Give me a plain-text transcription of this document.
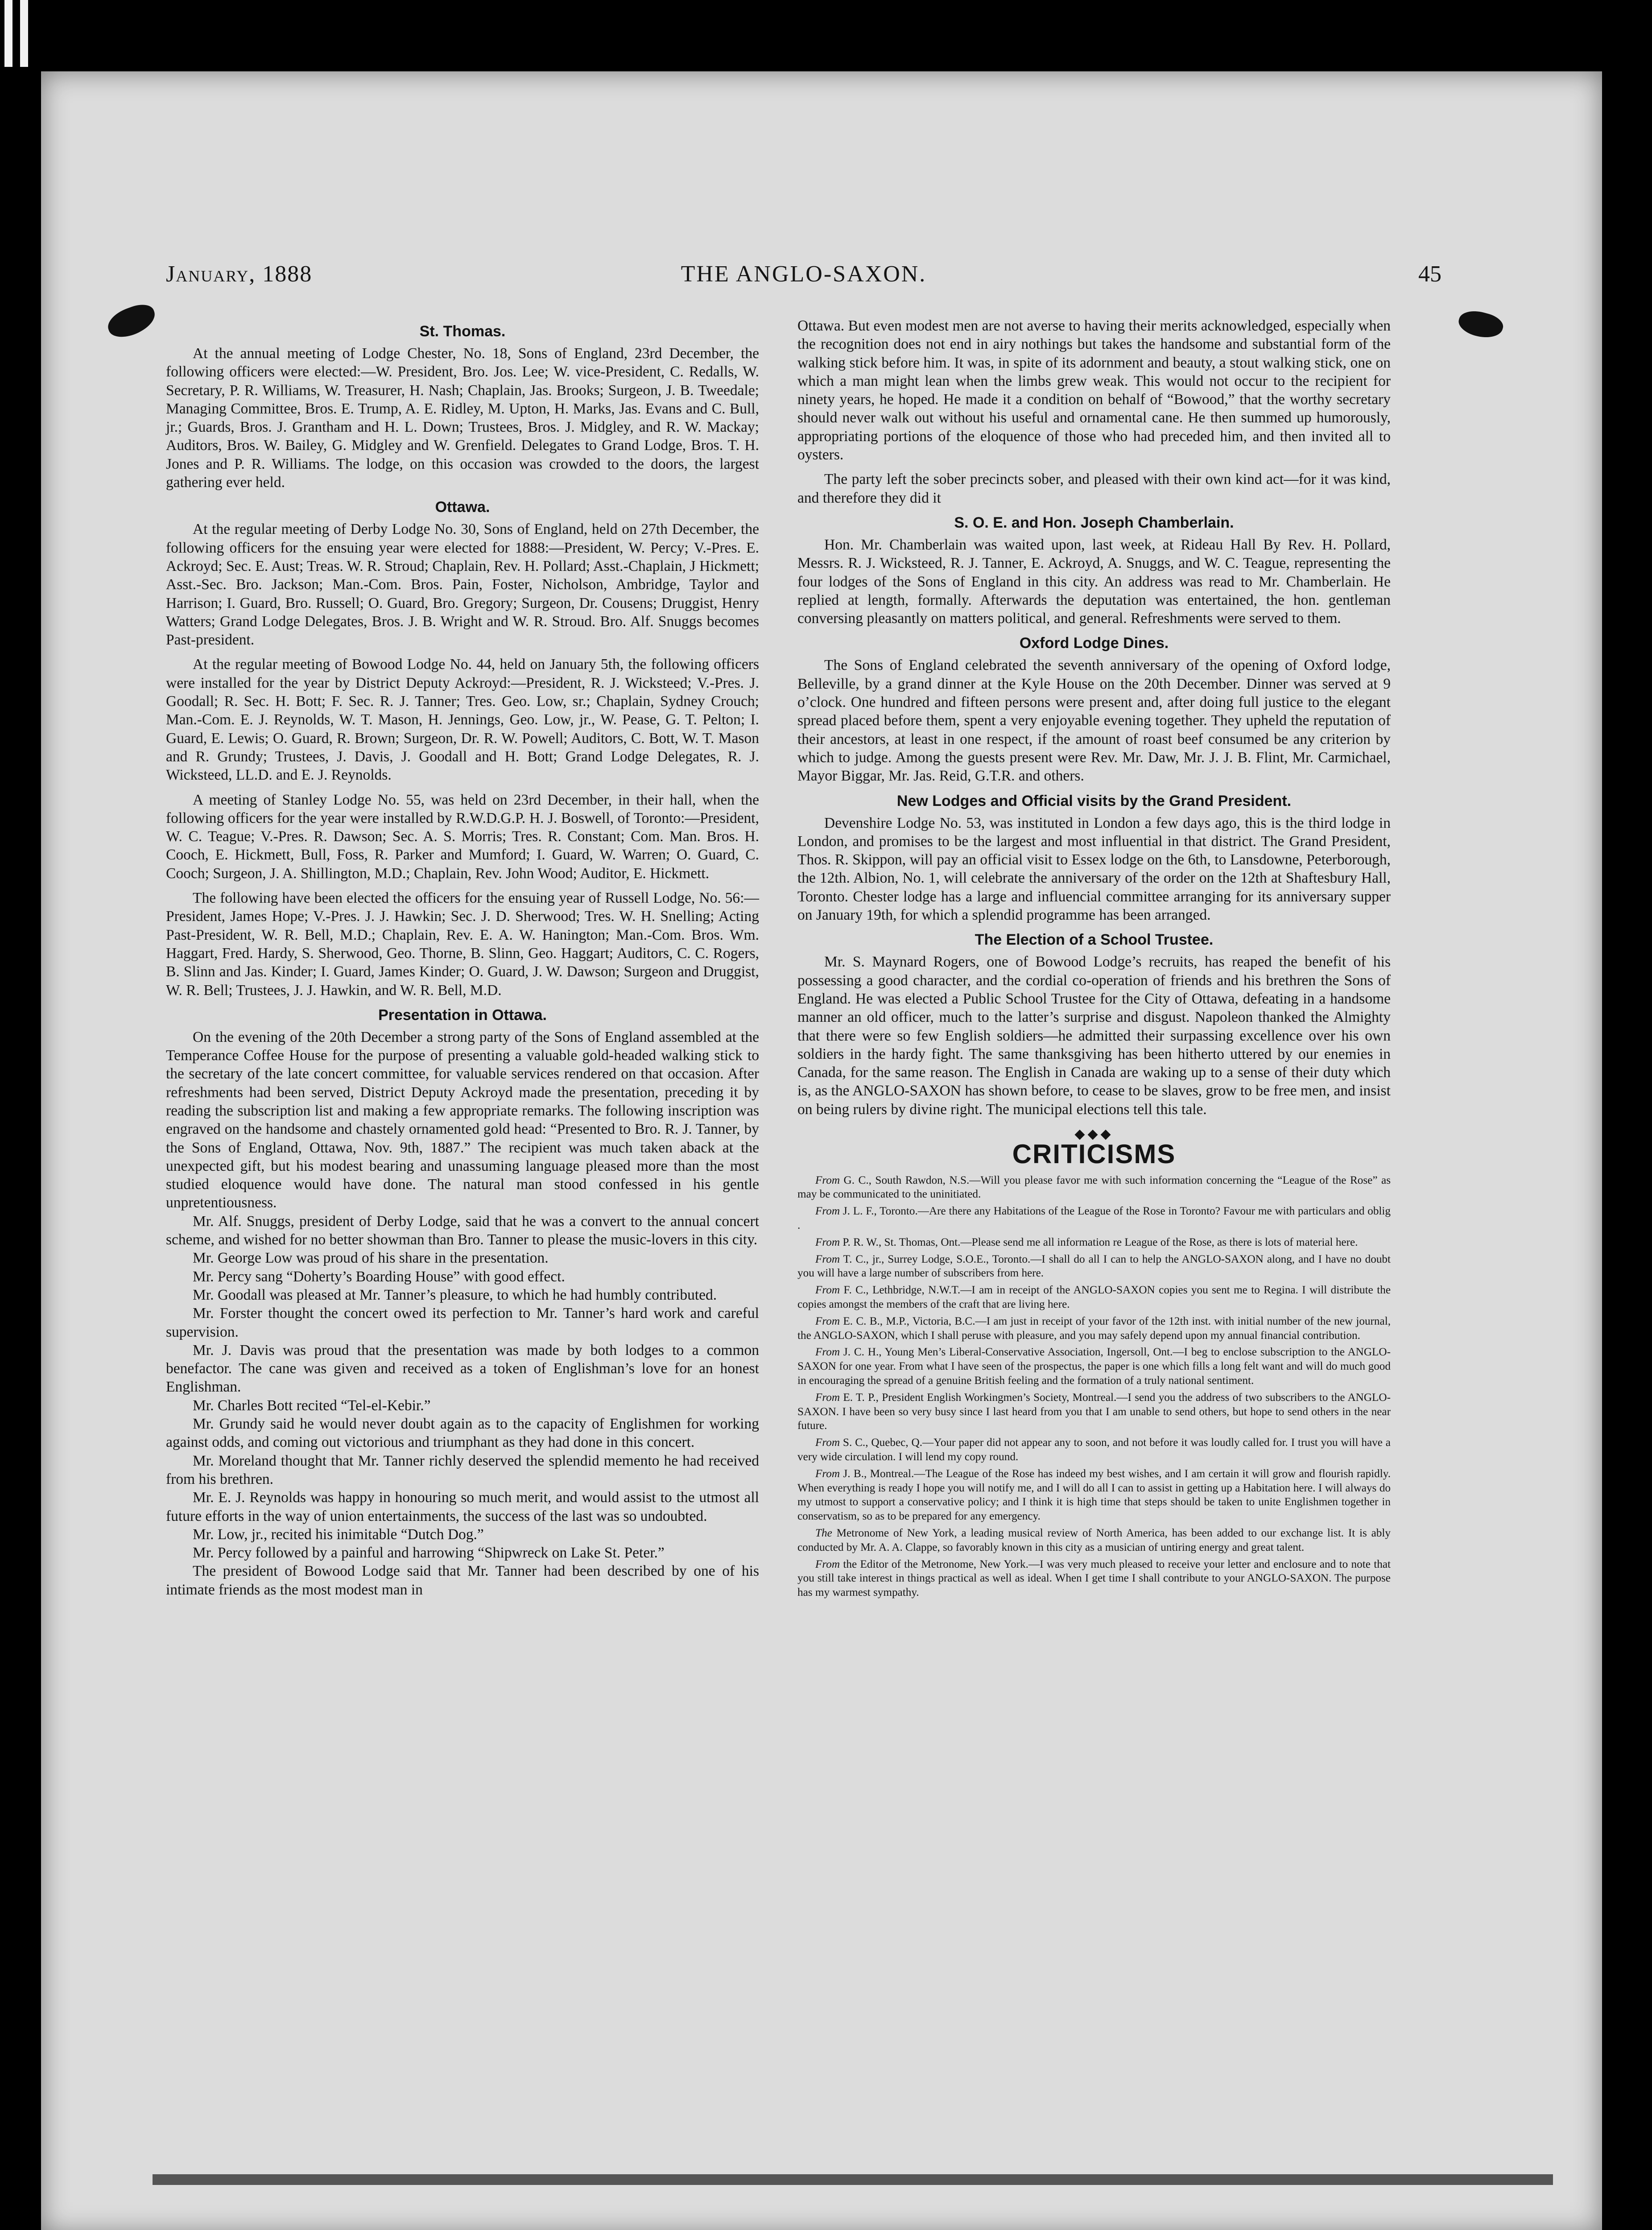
January, 1888	THE ANGLO-SAXON.	45
St. Thomas.

At the annual meeting of Lodge Chester, No. 18, Sons of England, 23rd December, the following officers were elected:—W. President, Bro. Jos. Lee; W. vice-President, C. Redalls, W. Secretary, P. R. Williams, W. Treasurer, H. Nash; Chaplain, Jas. Brooks; Surgeon, J. B. Tweedale; Managing Committee, Bros. E. Trump, A. E. Ridley, M. Upton, H. Marks, Jas. Evans and C. Bull, jr.; Guards, Bros. J. Grantham and H. L. Down; Trustees, Bros. J. Midgley, and R. W. Mackay; Auditors, Bros. W. Bailey, G. Midgley and W. Grenfield. Delegates to Grand Lodge, Bros. T. H. Jones and P. R. Williams. The lodge, on this occasion was crowded to the doors, the largest gathering ever held.

Ottawa.

At the regular meeting of Derby Lodge No. 30, Sons of England, held on 27th December, the following officers for the ensuing year were elected for 1888:—President, W. Percy; V.-Pres. E. Ackroyd; Sec. E. Aust; Treas. W. R. Stroud; Chaplain, Rev. H. Pollard; Asst.-Chaplain, J Hickmett; Asst.-Sec. Bro. Jackson; Man.-Com. Bros. Pain, Foster, Nicholson, Ambridge, Taylor and Harrison; I. Guard, Bro. Russell; O. Guard, Bro. Gregory; Surgeon, Dr. Cousens; Druggist, Henry Watters; Grand Lodge Delegates, Bros. J. B. Wright and W. R. Stroud. Bro. Alf. Snuggs becomes Past-president.

At the regular meeting of Bowood Lodge No. 44, held on January 5th, the following officers were installed for the year by District Deputy Ackroyd:—President, R. J. Wicksteed; V.-Pres. J. Goodall; R. Sec. H. Bott; F. Sec. R. J. Tanner; Tres. Geo. Low, sr.; Chaplain, Sydney Crouch; Man.-Com. E. J. Reynolds, W. T. Mason, H. Jennings, Geo. Low, jr., W. Pease, G. T. Pelton; I. Guard, E. Lewis; O. Guard, R. Brown; Surgeon, Dr. R. W. Powell; Auditors, C. Bott, W. T. Mason and R. Grundy; Trustees, J. Davis, J. Goodall and H. Bott; Grand Lodge Delegates, R. J. Wicksteed, LL.D. and E. J. Reynolds.

A meeting of Stanley Lodge No. 55, was held on 23rd December, in their hall, when the following officers for the year were installed by R.W.D.G.P. H. J. Boswell, of Toronto:—President, W. C. Teague; V.-Pres. R. Dawson; Sec. A. S. Morris; Tres. R. Constant; Com. Man. Bros. H. Cooch, E. Hickmett, Bull, Foss, R. Parker and Mumford; I. Guard, W. Warren; O. Guard, C. Cooch; Surgeon, J. A. Shillington, M.D.; Chaplain, Rev. John Wood; Auditor, E. Hickmett.

The following have been elected the officers for the ensuing year of Russell Lodge, No. 56:—President, James Hope; V.-Pres. J. J. Hawkin; Sec. J. D. Sherwood; Tres. W. H. Snelling; Acting Past-President, W. R. Bell, M.D.; Chaplain, Rev. E. A. W. Hanington; Man.-Com. Bros. Wm. Haggart, Fred. Hardy, S. Sherwood, Geo. Thorne, B. Slinn, Geo. Haggart; Auditors, C. C. Rogers, B. Slinn and Jas. Kinder; I. Guard, James Kinder; O. Guard, J. W. Dawson; Surgeon and Druggist, W. R. Bell; Trustees, J. J. Hawkin, and W. R. Bell, M.D.

Presentation in Ottawa.

On the evening of the 20th December a strong party of the Sons of England assembled at the Temperance Coffee House for the purpose of presenting a valuable gold-headed walking stick to the secretary of the late concert committee, for valuable services rendered on that occasion. After refreshments had been served, District Deputy Ackroyd made the presentation, preceding it by reading the subscription list and making a few appropriate remarks. The following inscription was engraved on the handsome and chastely ornamented gold head: “Presented to Bro. R. J. Tanner, by the Sons of England, Ottawa, Nov. 9th, 1887.” The recipient was much taken aback at the unexpected gift, but his modest bearing and unassuming language pleased more than the most studied eloquence would have done. The natural man stood confessed in his gentle unpretentiousness.

Mr. Alf. Snuggs, president of Derby Lodge, said that he was a convert to the annual concert scheme, and wished for no better showman than Bro. Tanner to please the music-lovers in this city.

Mr. George Low was proud of his share in the presentation.

Mr. Percy sang “Doherty’s Boarding House” with good effect.

Mr. Goodall was pleased at Mr. Tanner’s pleasure, to which he had humbly contributed.

Mr. Forster thought the concert owed its perfection to Mr. Tanner’s hard work and careful supervision.

Mr. J. Davis was proud that the presentation was made by both lodges to a common benefactor. The cane was given and received as a token of Englishman’s love for an honest Englishman.

Mr. Charles Bott recited “Tel-el-Kebir.”

Mr. Grundy said he would never doubt again as to the capacity of Englishmen for working against odds, and coming out victorious and triumphant as they had done in this concert.

Mr. Moreland thought that Mr. Tanner richly deserved the splendid memento he had received from his brethren.

Mr. E. J. Reynolds was happy in honouring so much merit, and would assist to the utmost all future efforts in the way of union entertainments, the success of the last was so undoubted.

Mr. Low, jr., recited his inimitable “Dutch Dog.”

Mr. Percy followed by a painful and harrowing “Shipwreck on Lake St. Peter.”

The president of Bowood Lodge said that Mr. Tanner had been described by one of his intimate friends as the most modest man in

Ottawa. But even modest men are not averse to having their merits acknowledged, especially when the recognition does not end in airy nothings but takes the handsome and substantial form of the walking stick before him. It was, in spite of its adornment and beauty, a stout walking stick, one on which a man might lean when the limbs grew weak. This would not occur to the recipient for ninety years, he hoped. He made it a condition on behalf of “Bowood,” that the worthy secretary should never walk out without his useful and ornamental cane. He then summed up humorously, appropriating portions of the eloquence of those who had preceded him, and then invited all to oysters.

The party left the sober precincts sober, and pleased with their own kind act—for it was kind, and therefore they did it

S. O. E. and Hon. Joseph Chamberlain.

Hon. Mr. Chamberlain was waited upon, last week, at Rideau Hall By Rev. H. Pollard, Messrs. R. J. Wicksteed, R. J. Tanner, E. Ackroyd, A. Snuggs, and W. C. Teague, representing the four lodges of the Sons of England in this city. An address was read to Mr. Chamberlain. He replied at length, formally. Afterwards the deputation was entertained, the hon. gentleman conversing pleasantly on matters political, and general. Refreshments were served to them.

Oxford Lodge Dines.

The Sons of England celebrated the seventh anniversary of the opening of Oxford lodge, Belleville, by a grand dinner at the Kyle House on the 20th December. Dinner was served at 9 o’clock. One hundred and fifteen persons were present and, after doing full justice to the elegant spread placed before them, spent a very enjoyable evening together. They upheld the reputation of their ancestors, at least in one respect, if the amount of roast beef consumed be any criterion by which to judge. Among the guests present were Rev. Mr. Daw, Mr. J. J. B. Flint, Mr. Carmichael, Mayor Biggar, Mr. Jas. Reid, G.T.R. and others.

New Lodges and Official visits by the Grand President.

Devenshire Lodge No. 53, was instituted in London a few days ago, this is the third lodge in London, and promises to be the largest and most influential in that district. The Grand President, Thos. R. Skippon, will pay an official visit to Essex lodge on the 6th, to Lansdowne, Peterborough, the 12th. Albion, No. 1, will celebrate the anniversary of the order on the 12th at Shaftesbury Hall, Toronto. Chester lodge has a large and influencial committee arranging for its anniversary supper on January 19th, for which a splendid programme has been arranged.

The Election of a School Trustee.

Mr. S. Maynard Rogers, one of Bowood Lodge’s recruits, has reaped the benefit of his possessing a good character, and the cordial co-operation of friends and his brethren the Sons of England. He was elected a Public School Trustee for the City of Ottawa, defeating in a handsome manner an old officer, much to the latter’s surprise and disgust. Napoleon thanked the Almighty that there were so few English soldiers—he admitted their surpassing excellence over his own soldiers in the hardy fight. The same thanksgiving has been hitherto uttered by our enemies in Canada, for the same reason. The English in Canada are waking up to a sense of their duty which is, as the ANGLO-SAXON has shown before, to cease to be slaves, grow to be free men, and insist on being rulers by divine right. The municipal elections tell this tale.

◆◆◆
CRITICISMS

From G. C., South Rawdon, N.S.—Will you please favor me with such information concerning the “League of the Rose” as may be communicated to the uninitiated.

From J. L. F., Toronto.—Are there any Habitations of the League of the Rose in Toronto? Favour me with particulars and oblig .

From P. R. W., St. Thomas, Ont.—Please send me all information re League of the Rose, as there is lots of material here.

From T. C., jr., Surrey Lodge, S.O.E., Toronto.—I shall do all I can to help the ANGLO-SAXON along, and I have no doubt you will have a large number of subscribers from here.

From F. C., Lethbridge, N.W.T.—I am in receipt of the ANGLO-SAXON copies you sent me to Regina. I will distribute the copies amongst the members of the craft that are living here.

From E. C. B., M.P., Victoria, B.C.—I am just in receipt of your favor of the 12th inst. with initial number of the new journal, the ANGLO-SAXON, which I shall peruse with pleasure, and you may safely depend upon my annual financial contribution.

From J. C. H., Young Men’s Liberal-Conservative Association, Ingersoll, Ont.—I beg to enclose subscription to the ANGLO-SAXON for one year. From what I have seen of the prospectus, the paper is one which fills a long felt want and will do much good in encouraging the spread of a genuine British feeling and the formation of a truly national sentiment.

From E. T. P., President English Workingmen’s Society, Montreal.—I send you the address of two subscribers to the ANGLO-SAXON. I have been so very busy since I last heard from you that I am unable to send others, but hope to send others in the near future.

From S. C., Quebec, Q.—Your paper did not appear any to soon, and not before it was loudly called for. I trust you will have a very wide circulation. I will lend my copy round.

From J. B., Montreal.—The League of the Rose has indeed my best wishes, and I am certain it will grow and flourish rapidly. When everything is ready I hope you will notify me, and I will do all I can to assist in getting up a Habitation here. I will always do my utmost to support a conservative policy; and I think it is high time that steps should be taken to unite Englishmen together in conservatism, so as to be prepared for any emergency.

The Metronome of New York, a leading musical review of North America, has been added to our exchange list. It is ably conducted by Mr. A. A. Clappe, so favorably known in this city as a musician of untiring energy and great talent.

From the Editor of the Metronome, New York.—I was very much pleased to receive your letter and enclosure and to note that you still take interest in things practical as well as ideal. When I get time I shall contribute to your ANGLO-SAXON. The purpose has my warmest sympathy.
